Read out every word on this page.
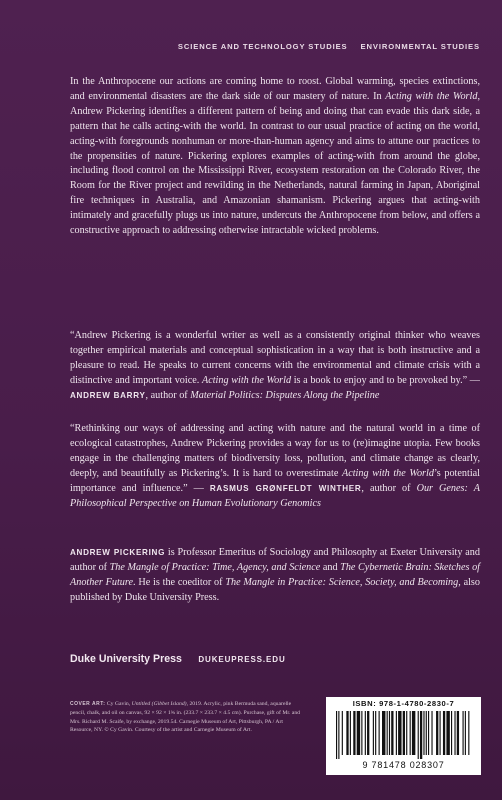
SCIENCE AND TECHNOLOGY STUDIES ENVIRONMENTAL STUDIES
In the Anthropocene our actions are coming home to roost. Global warming, species extinctions, and environmental disasters are the dark side of our mastery of nature. In Acting with the World, Andrew Pickering identifies a different pattern of being and doing that can evade this dark side, a pattern that he calls acting-with the world. In contrast to our usual practice of acting on the world, acting-with foregrounds nonhuman or more-than-human agency and aims to attune our practices to the propensities of nature. Pickering explores examples of acting-with from around the globe, including flood control on the Mississippi River, ecosystem restoration on the Colorado River, the Room for the River project and rewilding in the Netherlands, natural farming in Japan, Aboriginal fire techniques in Australia, and Amazonian shamanism. Pickering argues that acting-with intimately and gracefully plugs us into nature, undercuts the Anthropocene from below, and offers a constructive approach to addressing otherwise intractable wicked problems.
“Andrew Pickering is a wonderful writer as well as a consistently original thinker who weaves together empirical materials and conceptual sophistication in a way that is both instructive and a pleasure to read. He speaks to current concerns with the environmental and climate crisis with a distinctive and important voice. Acting with the World is a book to enjoy and to be provoked by.” — ANDREW BARRY, author of Material Politics: Disputes Along the Pipeline
“Rethinking our ways of addressing and acting with nature and the natural world in a time of ecological catastrophes, Andrew Pickering provides a way for us to (re)imagine utopia. Few books engage in the challenging matters of biodiversity loss, pollution, and climate change as clearly, deeply, and beautifully as Pickering’s. It is hard to overestimate Acting with the World’s potential importance and influence.” — RASMUS GRØNFELDT WINTHER, author of Our Genes: A Philosophical Perspective on Human Evolutionary Genomics
ANDREW PICKERING is Professor Emeritus of Sociology and Philosophy at Exeter University and author of The Mangle of Practice: Time, Agency, and Science and The Cybernetic Brain: Sketches of Another Future. He is the coeditor of The Mangle in Practice: Science, Society, and Becoming, also published by Duke University Press.
Duke University Press DUKEUPRESS.EDU
COVER ART: Cy Gavin, Untitled (Gibbet Island), 2019. Acrylic, pink Bermuda sand, aquarelle pencil, chalk, and oil on canvas, 92 × 92 × 1¾ in. (233.7 × 233.7 × 4.5 cm). Purchase, gift of Mr. and Mrs. Richard M. Scaife, by exchange, 2019.54. Carnegie Museum of Art, Pittsburgh, PA / Art Resource, NY. © Cy Gavin. Courtesy of the artist and Carnegie Museum of Art.
ISBN: 978-1-4780-2830-7
9 781478 028307
